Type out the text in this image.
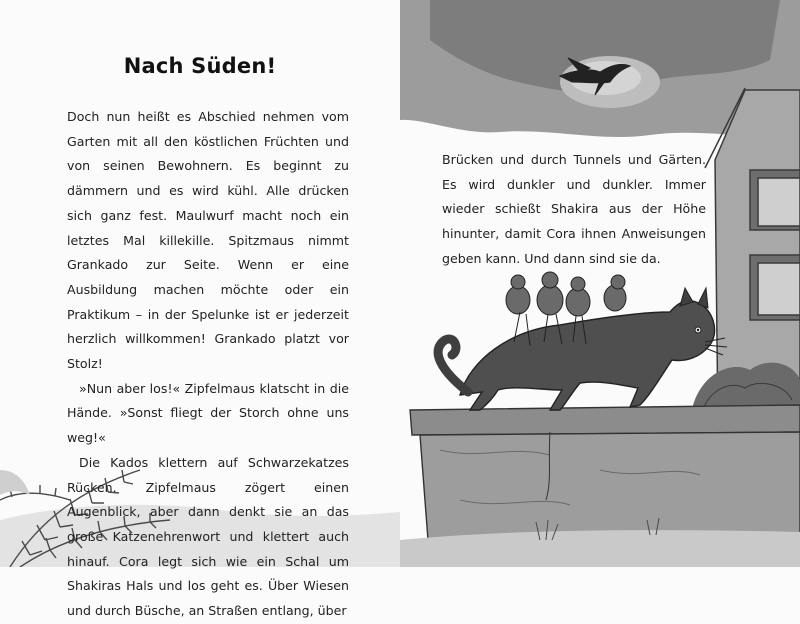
Nach Süden!

Doch nun heißt es Abschied nehmen vom Garten mit all den köstlichen Früchten und von seinen Bewohnern. Es beginnt zu dämmern und es wird kühl. Alle drücken sich ganz fest. Maulwurf macht noch ein letztes Mal killekille. Spitzmaus nimmt Grankado zur Seite. Wenn er eine Ausbildung machen möchte oder ein Praktikum – in der Spelunke ist er jederzeit herzlich willkommen! Grankado platzt vor Stolz!

»Nun aber los!« Zipfelmaus klatscht in die Hände. »Sonst fliegt der Storch ohne uns weg!«

Die Kados klettern auf Schwarzekatzes Rücken. Zipfelmaus zögert einen Augenblick, aber dann denkt sie an das große Katzenehrenwort und klettert auch hinauf. Cora legt sich wie ein Schal um Shakiras Hals und los geht es. Über Wiesen und durch Büsche, an Straßen entlang, über

Brücken und durch Tunnels und Gärten. Es wird dunkler und dunkler. Immer wieder schießt Shakira aus der Höhe hinunter, damit Cora ihnen Anweisungen geben kann. Und dann sind sie da.
